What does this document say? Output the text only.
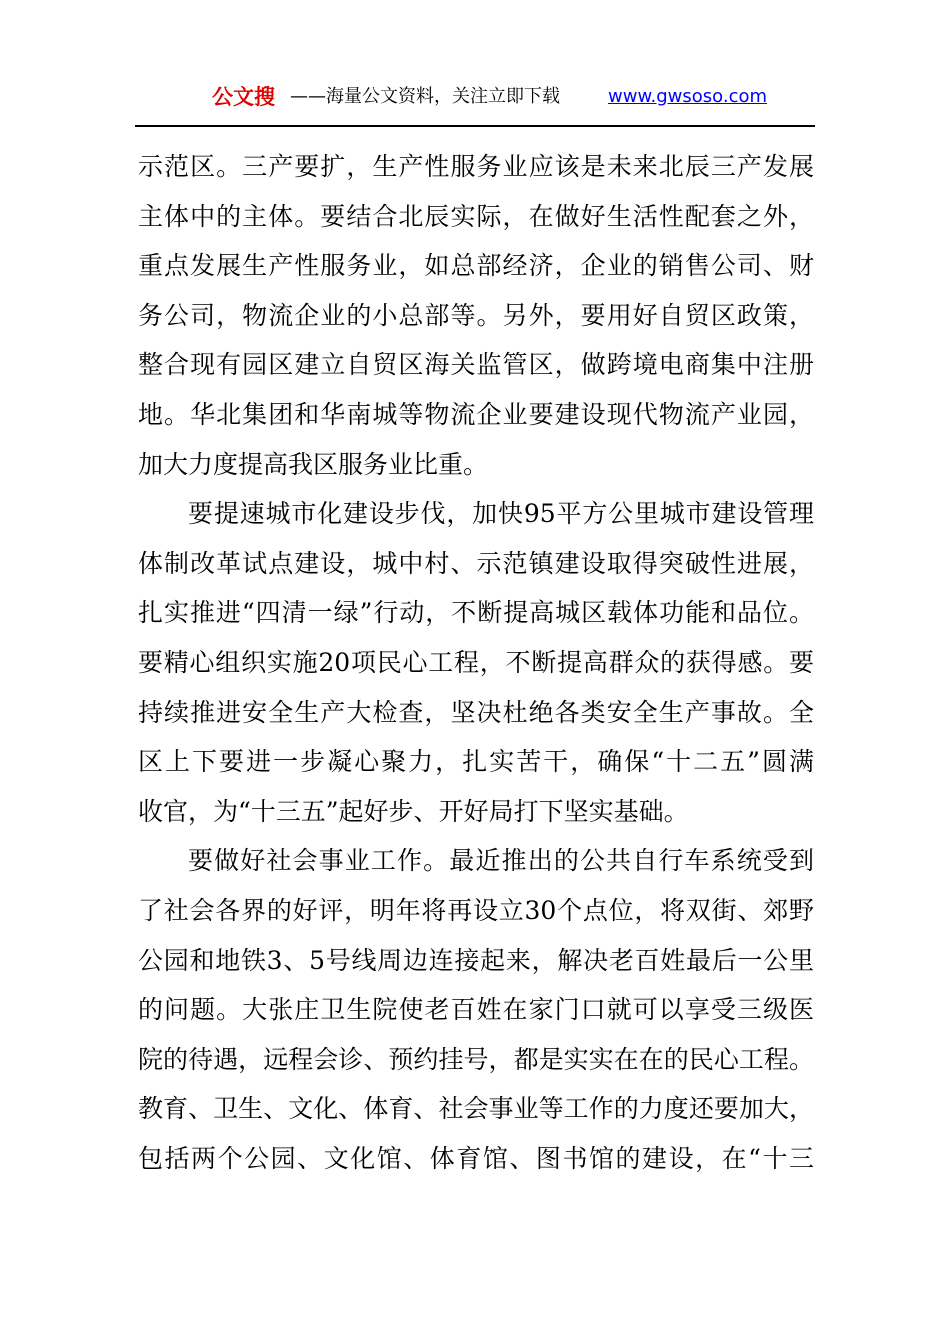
公文搜 ——海量公文资料，关注立即下载	www.gwsoso.com
示范区。三产要扩，生产性服务业应该是未来北辰三产发展
主体中的主体。要结合北辰实际，在做好生活性配套之外，
重点发展生产性服务业，如总部经济，企业的销售公司、财
务公司，物流企业的小总部等。另外，要用好自贸区政策，
整合现有园区建立自贸区海关监管区，做跨境电商集中注册
地。华北集团和华南城等物流企业要建设现代物流产业园，
加大力度提高我区服务业比重。
要提速城市化建设步伐，加快95平方公里城市建设管理
体制改革试点建设，城中村、示范镇建设取得突破性进展，
扎实推进“四清一绿”行动，不断提高城区载体功能和品位。
要精心组织实施20项民心工程，不断提高群众的获得感。要
持续推进安全生产大检查，坚决杜绝各类安全生产事故。全
区上下要进一步凝心聚力，扎实苦干，确保“十二五”圆满
收官，为“十三五”起好步、开好局打下坚实基础。
要做好社会事业工作。最近推出的公共自行车系统受到
了社会各界的好评，明年将再设立30个点位，将双街、郊野
公园和地铁3、5号线周边连接起来，解决老百姓最后一公里
的问题。大张庄卫生院使老百姓在家门口就可以享受三级医
院的待遇，远程会诊、预约挂号，都是实实在在的民心工程。
教育、卫生、文化、体育、社会事业等工作的力度还要加大，
包括两个公园、文化馆、体育馆、图书馆的建设，在“十三
